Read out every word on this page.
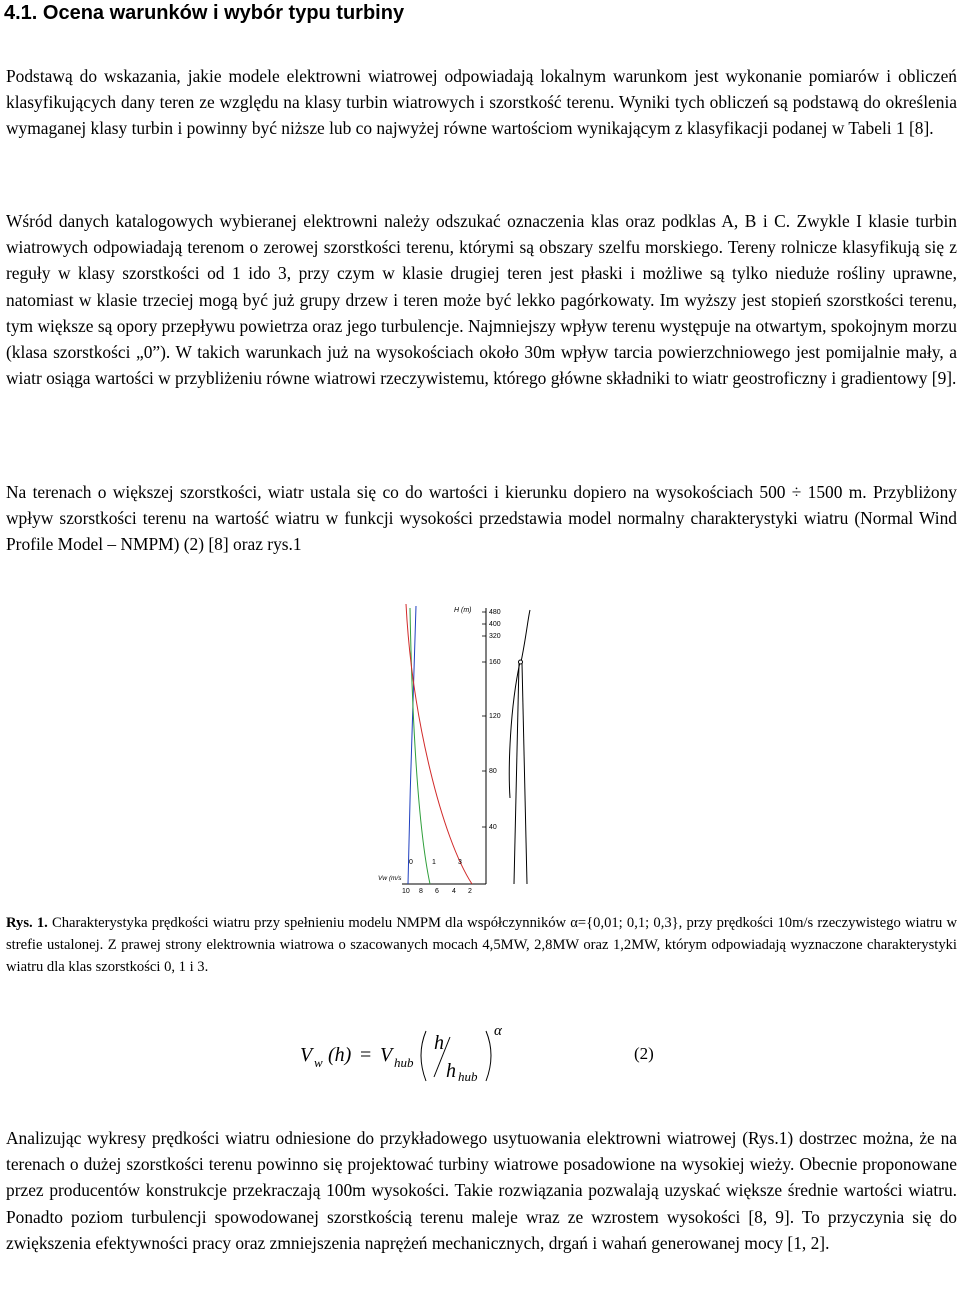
4.1. Ocena warunków i wybór typu turbiny

Podstawą do wskazania, jakie modele elektrowni wiatrowej odpowiadają lokalnym warunkom jest wykonanie pomiarów i obliczeń klasyfikujących dany teren ze względu na klasy turbin wiatrowych i szorstkość terenu. Wyniki tych obliczeń są podstawą do określenia wymaganej klasy turbin i powinny być niższe lub co najwyżej równe wartościom wynikającym z klasyfikacji podanej w Tabeli 1 [8].

Wśród danych katalogowych wybieranej elektrowni należy odszukać oznaczenia klas oraz podklas A, B i C. Zwykle I klasie turbin wiatrowych odpowiadają terenom o zerowej szorstkości terenu, którymi są obszary szelfu morskiego. Tereny rolnicze klasyfikują się z reguły w klasy szorstkości od 1 ido 3, przy czym w klasie drugiej teren jest płaski i możliwe są tylko nieduże rośliny uprawne, natomiast w klasie trzeciej mogą być już grupy drzew i teren może być lekko pagórkowaty. Im wyższy jest stopień szorstkości terenu, tym większe są opory przepływu powietrza oraz jego turbulencje. Najmniejszy wpływ terenu występuje na otwartym, spokojnym morzu (klasa szorstkości „0”). W takich warunkach już na wysokościach około 30m wpływ tarcia powierzchniowego jest pomijalnie mały, a wiatr osiąga wartości w przybliżeniu równe wiatrowi rzeczywistemu, którego główne składniki to wiatr geostroficzny i gradientowy [9].

Na terenach o większej szorstkości, wiatr ustala się co do wartości i kierunku dopiero na wysokościach 500 ÷ 1500 m. Przybliżony wpływ szorstkości terenu na wartość wiatru w funkcji wysokości przedstawia model normalny charakterystyki wiatru (Normal Wind Profile Model – NMPM) (2) [8] oraz rys.1

480
400
320
160
120
80
40
H (m)
Vw (m/s
10 8 6 4 2
0	1	3

Rys. 1. Charakterystyka prędkości wiatru przy spełnieniu modelu NMPM dla współczynników α={0,01; 0,1; 0,3}, przy prędkości 10m/s rzeczywistego wiatru w strefie ustalonej. Z prawej strony elektrownia wiatrowa o szacowanych mocach 4,5MW, 2,8MW oraz 1,2MW, którym odpowiadają wyznaczone charakterystyki wiatru dla klas szorstkości 0, 1 i 3.

V w (h) = V hub
h
h hub
α
(2)

Analizując wykresy prędkości wiatru odniesione do przykładowego usytuowania elektrowni wiatrowej (Rys.1) dostrzec można, że na terenach o dużej szorstkości terenu powinno się projektować turbiny wiatrowe posadowione na wysokiej wieży. Obecnie proponowane przez producentów konstrukcje przekraczają 100m wysokości. Takie rozwiązania pozwalają uzyskać większe średnie wartości wiatru. Ponadto poziom turbulencji spowodowanej szorstkością terenu maleje wraz ze wzrostem wysokości [8, 9]. To przyczynia się do zwiększenia efektywności pracy oraz zmniejszenia naprężeń mechanicznych, drgań i wahań generowanej mocy [1, 2].
